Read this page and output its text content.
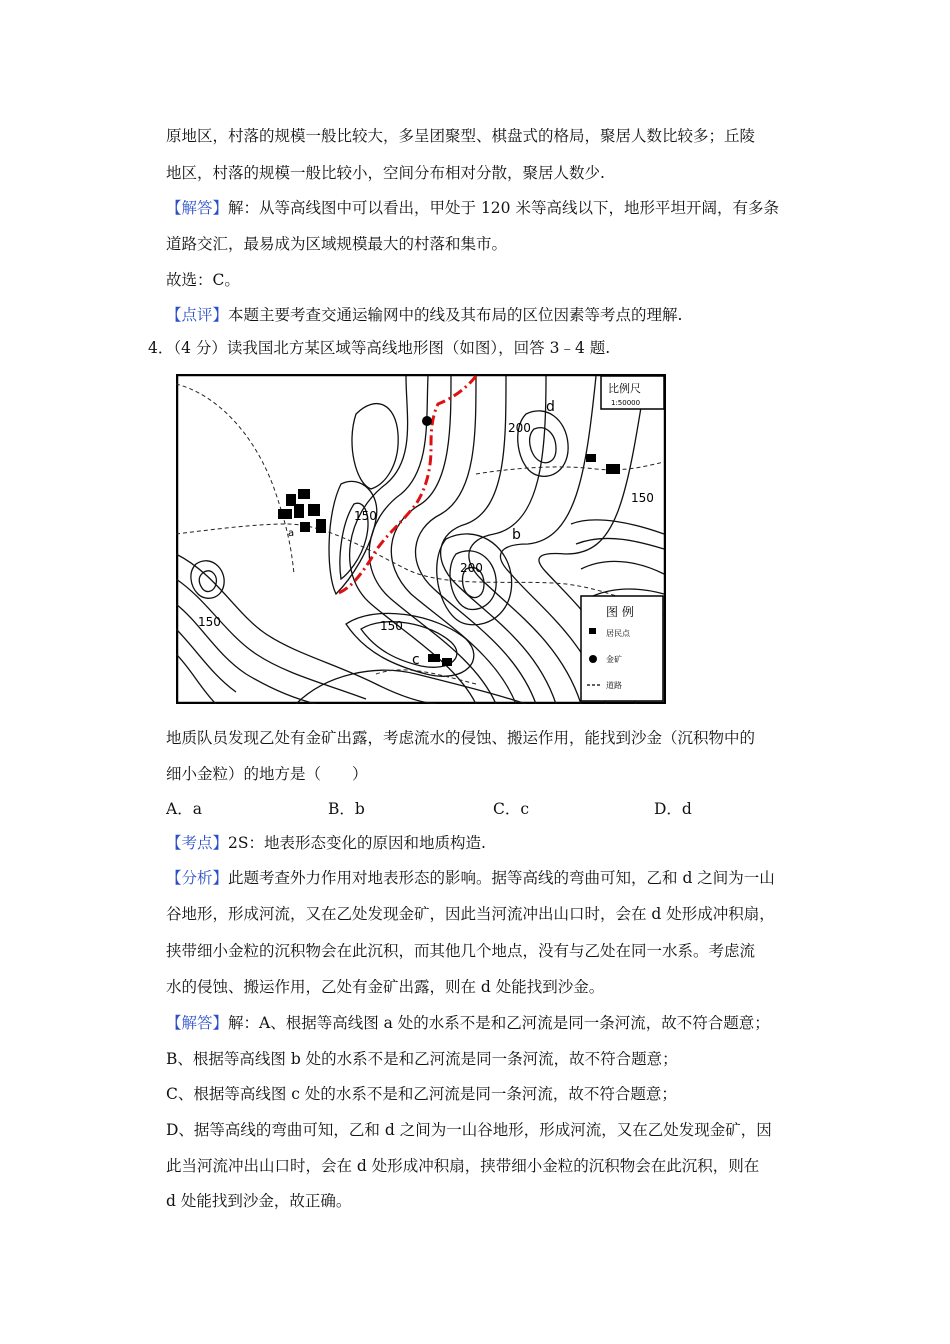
原地区，村落的规模一般比较大，多呈团聚型、棋盘式的格局，聚居人数比较多；丘陵
地区，村落的规模一般比较小，空间分布相对分散，聚居人数少.
【解答】解：从等高线图中可以看出，甲处于 120 米等高线以下，地形平坦开阔，有多条
道路交汇，最易成为区域规模最大的村落和集市。
故选：C。
【点评】本题主要考查交通运输网中的线及其布局的区位因素等考点的理解.
4．（4 分）读我国北方某区域等高线地形图（如图），回答 3﹣4 题.
比例尺
1:50000
图 例
居民点
金矿
道路
150
150
150	150
200
200
d
b
c
a
地质队员发现乙处有金矿出露，考虑流水的侵蚀、搬运作用，能找到沙金（沉积物中的
细小金粒）的地方是（　　）
A．a	B．b	C．c	D．d
【考点】2S：地表形态变化的原因和地质构造.
【分析】此题考查外力作用对地表形态的影响。据等高线的弯曲可知，乙和 d 之间为一山
谷地形，形成河流，又在乙处发现金矿，因此当河流冲出山口时，会在 d 处形成冲积扇，
挟带细小金粒的沉积物会在此沉积，而其他几个地点，没有与乙处在同一水系。考虑流
水的侵蚀、搬运作用，乙处有金矿出露，则在 d 处能找到沙金。
【解答】解：A、根据等高线图 a 处的水系不是和乙河流是同一条河流，故不符合题意；
B、根据等高线图 b 处的水系不是和乙河流是同一条河流，故不符合题意；
C、根据等高线图 c 处的水系不是和乙河流是同一条河流，故不符合题意；
D、据等高线的弯曲可知，乙和 d 之间为一山谷地形，形成河流，又在乙处发现金矿，因
此当河流冲出山口时，会在 d 处形成冲积扇，挟带细小金粒的沉积物会在此沉积，则在
d 处能找到沙金，故正确。
